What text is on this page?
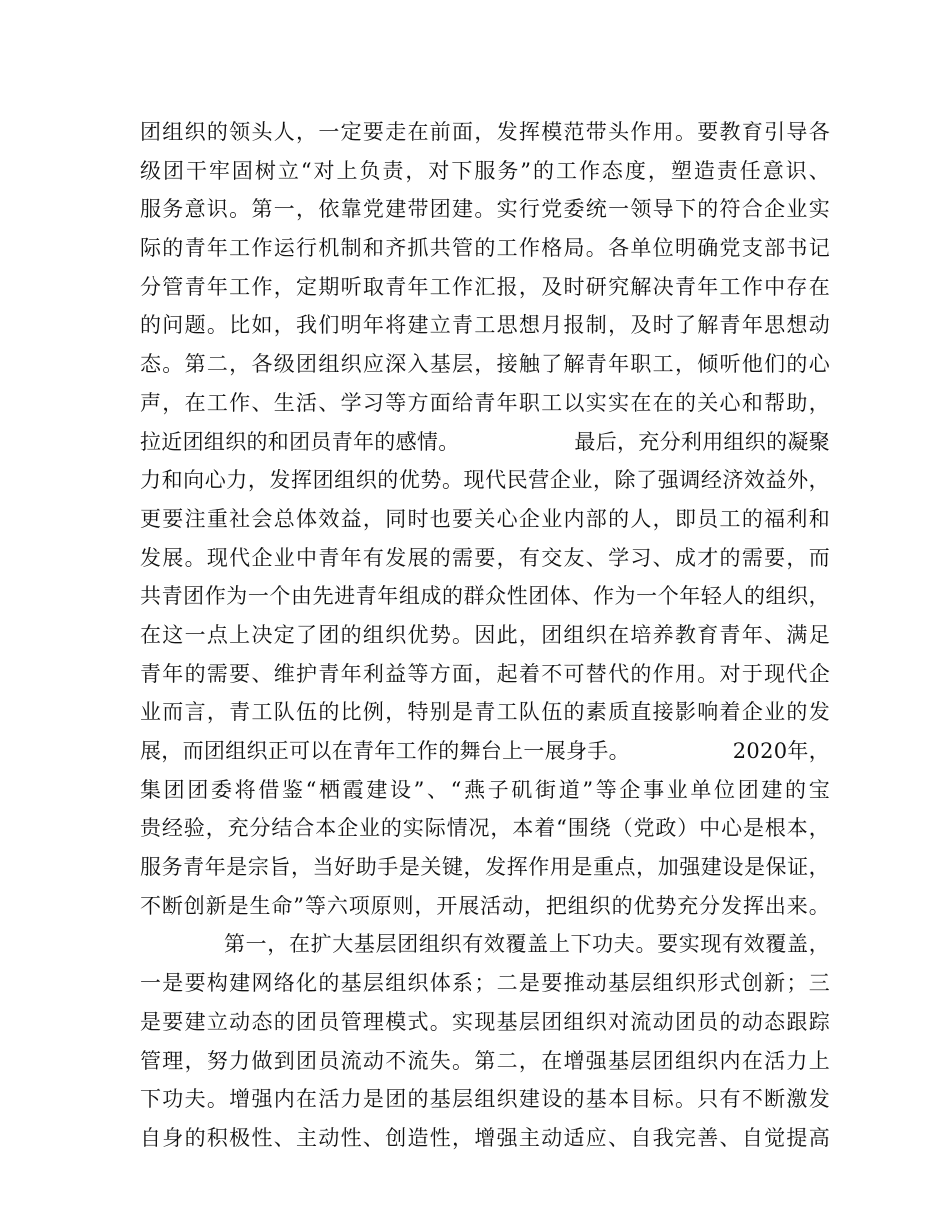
团组织的领头人，一定要走在前面，发挥模范带头作用。要教育引导各
级团干牢固树立“对上负责，对下服务”的工作态度，塑造责任意识、
服务意识。第一，依靠党建带团建。实行党委统一领导下的符合企业实
际的青年工作运行机制和齐抓共管的工作格局。各单位明确党支部书记
分管青年工作，定期听取青年工作汇报，及时研究解决青年工作中存在
的问题。比如，我们明年将建立青工思想月报制，及时了解青年思想动
态。第二，各级团组织应深入基层，接触了解青年职工，倾听他们的心
声，在工作、生活、学习等方面给青年职工以实实在在的关心和帮助，
拉近团组织的和团员青年的感情。	最后，充分利用组织的凝聚
力和向心力，发挥团组织的优势。现代民营企业，除了强调经济效益外，
更要注重社会总体效益，同时也要关心企业内部的人，即员工的福利和
发展。现代企业中青年有发展的需要，有交友、学习、成才的需要，而
共青团作为一个由先进青年组成的群众性团体、作为一个年轻人的组织，
在这一点上决定了团的组织优势。因此，团组织在培养教育青年、满足
青年的需要、维护青年利益等方面，起着不可替代的作用。对于现代企
业而言，青工队伍的比例，特别是青工队伍的素质直接影响着企业的发
展，而团组织正可以在青年工作的舞台上一展身手。	2020年，
集团团委将借鉴“栖霞建设”、“燕子矶街道”等企事业单位团建的宝
贵经验，充分结合本企业的实际情况，本着“围绕（党政）中心是根本，
服务青年是宗旨，当好助手是关键，发挥作用是重点，加强建设是保证，
不断创新是生命”等六项原则，开展活动，把组织的优势充分发挥出来。
第一，在扩大基层团组织有效覆盖上下功夫。要实现有效覆盖，
一是要构建网络化的基层组织体系；二是要推动基层组织形式创新；三
是要建立动态的团员管理模式。实现基层团组织对流动团员的动态跟踪
管理，努力做到团员流动不流失。第二，在增强基层团组织内在活力上
下功夫。增强内在活力是团的基层组织建设的基本目标。只有不断激发
自身的积极性、主动性、创造性，增强主动适应、自我完善、自觉提高
